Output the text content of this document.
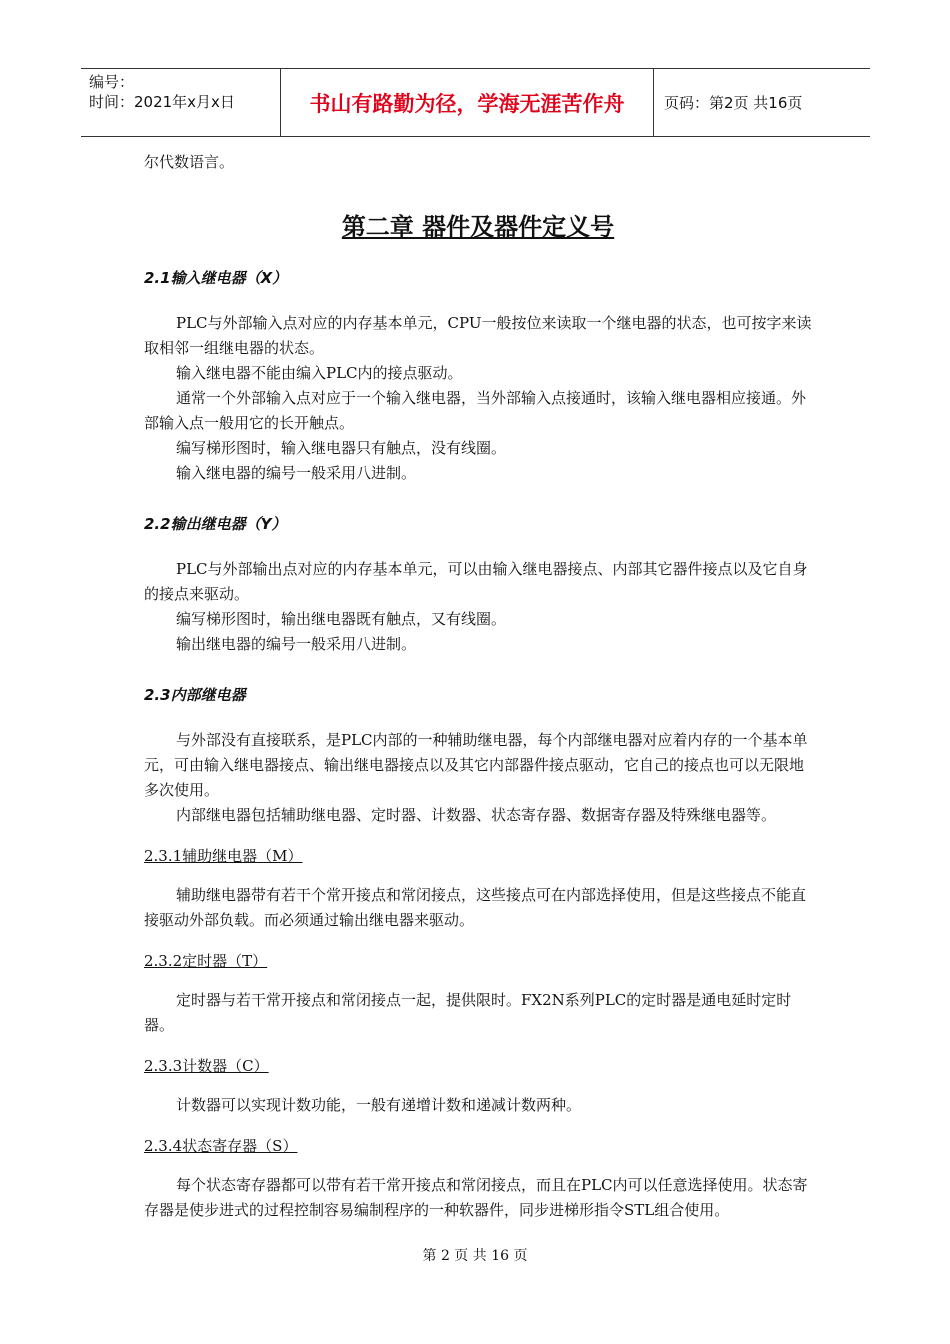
编号：
时间：2021年x月x日	书山有路勤为径，学海无涯苦作舟	页码：第2页 共16页

尔代数语言。

第二章 器件及器件定义号

2.1输入继电器（X）

PLC与外部输入点对应的内存基本单元，CPU一般按位来读取一个继电器的状态，也可按字来读取相邻一组继电器的状态。

输入继电器不能由编入PLC内的接点驱动。

通常一个外部输入点对应于一个输入继电器，当外部输入点接通时，该输入继电器相应接通。外部输入点一般用它的长开触点。

编写梯形图时，输入继电器只有触点，没有线圈。

输入继电器的编号一般采用八进制。

2.2输出继电器（Y）

PLC与外部输出点对应的内存基本单元，可以由输入继电器接点、内部其它器件接点以及它自身的接点来驱动。

编写梯形图时，输出继电器既有触点，又有线圈。

输出继电器的编号一般采用八进制。

2.3内部继电器

与外部没有直接联系，是PLC内部的一种辅助继电器，每个内部继电器对应着内存的一个基本单元，可由输入继电器接点、输出继电器接点以及其它内部器件接点驱动，它自己的接点也可以无限地多次使用。

内部继电器包括辅助继电器、定时器、计数器、状态寄存器、数据寄存器及特殊继电器等。

2.3.1辅助继电器（M）

辅助继电器带有若干个常开接点和常闭接点，这些接点可在内部选择使用，但是这些接点不能直接驱动外部负载。而必须通过输出继电器来驱动。

2.3.2定时器（T）

定时器与若干常开接点和常闭接点一起，提供限时。FX2N系列PLC的定时器是通电延时定时器。

2.3.3计数器（C）

计数器可以实现计数功能，一般有递增计数和递减计数两种。

2.3.4状态寄存器（S）

每个状态寄存器都可以带有若干常开接点和常闭接点，而且在PLC内可以任意选择使用。状态寄存器是使步进式的过程控制容易编制程序的一种软器件，同步进梯形指令STL组合使用。

第 2 页 共 16 页
